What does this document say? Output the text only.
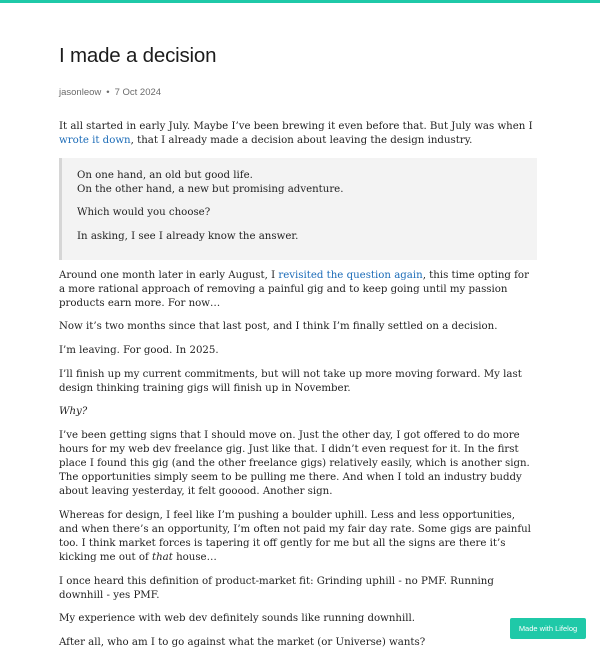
I made a decision
jasonleow • 7 Oct 2024

It all started in early July. Maybe I’ve been brewing it even before that. But July was when I wrote it down, that I already made a decision about leaving the design industry.

On one hand, an old but good life.
On the other hand, a new but promising adventure.

Which would you choose?

In asking, I see I already know the answer.

Around one month later in early August, I revisited the question again, this time opting for a more rational approach of removing a painful gig and to keep going until my passion products earn more. For now…

Now it’s two months since that last post, and I think I’m finally settled on a decision.

I’m leaving. For good. In 2025.

I’ll finish up my current commitments, but will not take up more moving forward. My last design thinking training gigs will finish up in November.

Why?

I’ve been getting signs that I should move on. Just the other day, I got offered to do more hours for my web dev freelance gig. Just like that. I didn’t even request for it. In the first place I found this gig (and the other freelance gigs) relatively easily, which is another sign. The opportunities simply seem to be pulling me there. And when I told an industry buddy about leaving yesterday, it felt gooood. Another sign.

Whereas for design, I feel like I’m pushing a boulder uphill. Less and less opportunities, and when there’s an opportunity, I’m often not paid my fair day rate. Some gigs are painful too. I think market forces is tapering it off gently for me but all the signs are there it’s kicking me out of that house…

I once heard this definition of product-market fit: Grinding uphill - no PMF. Running downhill - yes PMF.

My experience with web dev definitely sounds like running downhill.

After all, who am I to go against what the market (or Universe) wants?

Made with Lifelog
